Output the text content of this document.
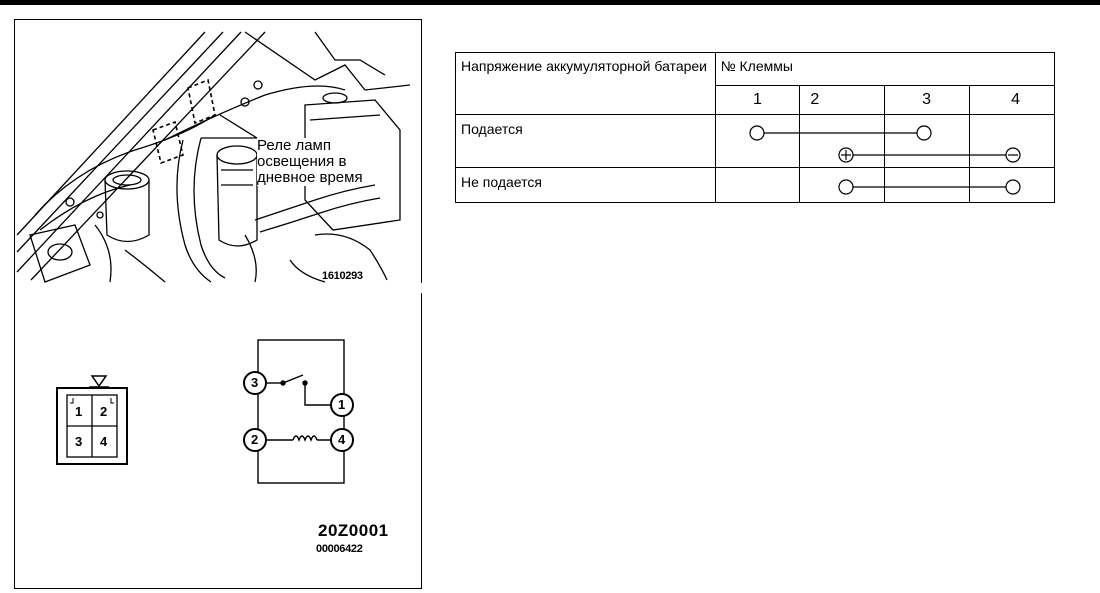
Реле ламп
освещения в
дневное время
1610293
1 2
3 4
3
1
2	4
20Z0001
00006422
Напряжение аккумуляторной батареи	№ Клеммы			
	1	2	3	4
Подается				
Не подается				
